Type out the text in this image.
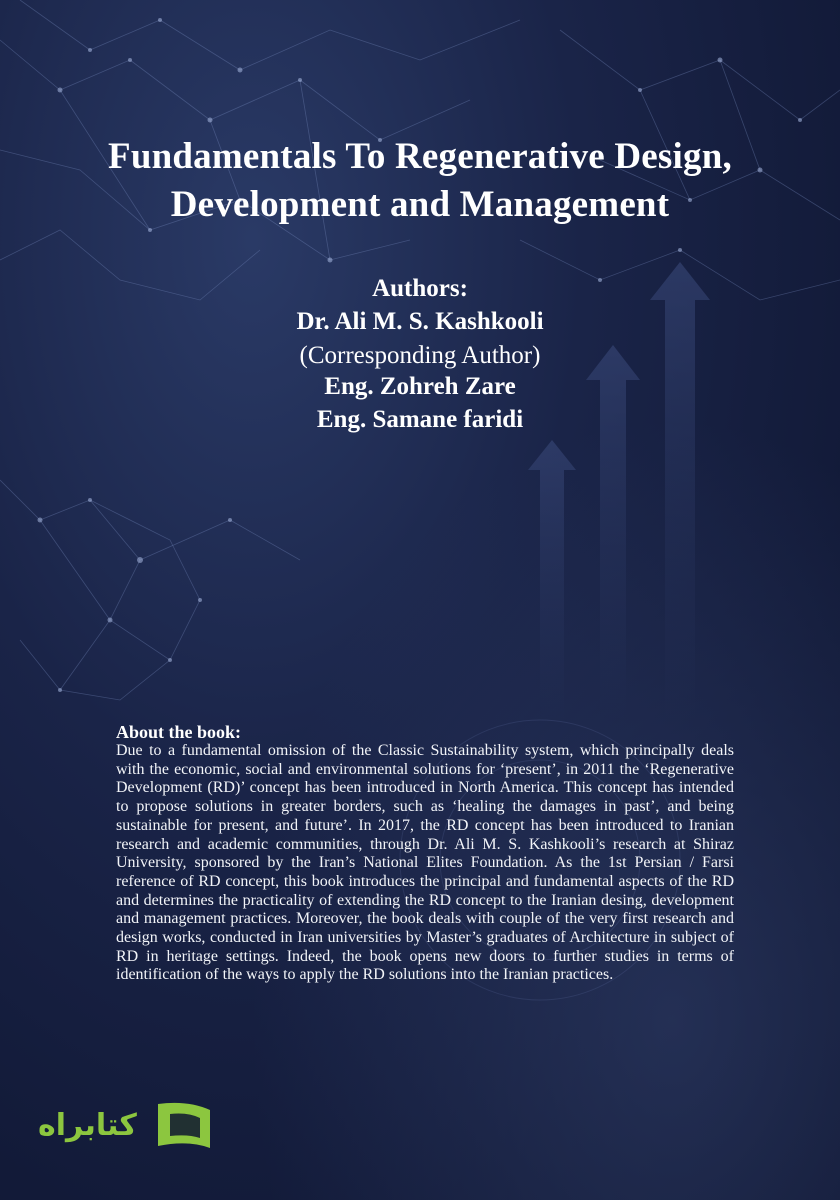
Fundamentals To Regenerative Design,
Development and Management
Authors:
Dr. Ali M. S. Kashkooli
(Corresponding Author)
Eng. Zohreh Zare
Eng. Samane faridi

About the book:

Due to a fundamental omission of the Classic Sustainability system, which principally deals with the economic, social and environmental solutions for ‘present’, in 2011 the ‘Regenerative Development (RD)’ concept has been introduced in North America. This concept has intended to propose solutions in greater borders, such as ‘healing the damages in past’, and being sustainable for present, and future’. In 2017, the RD concept has been introduced to Iranian research and academic communities, through Dr. Ali M. S. Kashkooli’s research at Shiraz University, sponsored by the Iran’s National Elites Foundation. As the 1st Persian / Farsi reference of RD concept, this book introduces the principal and fundamental aspects of the RD and determines the practicality of extending the RD concept to the Iranian desing, development and management practices. Moreover, the book deals with couple of the very first research and design works, conducted in Iran universities by Master’s graduates of Architecture in subject of RD in heritage settings. Indeed, the book opens new doors to further studies in terms of identification of the ways to apply the RD solutions into the Iranian practices.

کتابراه
